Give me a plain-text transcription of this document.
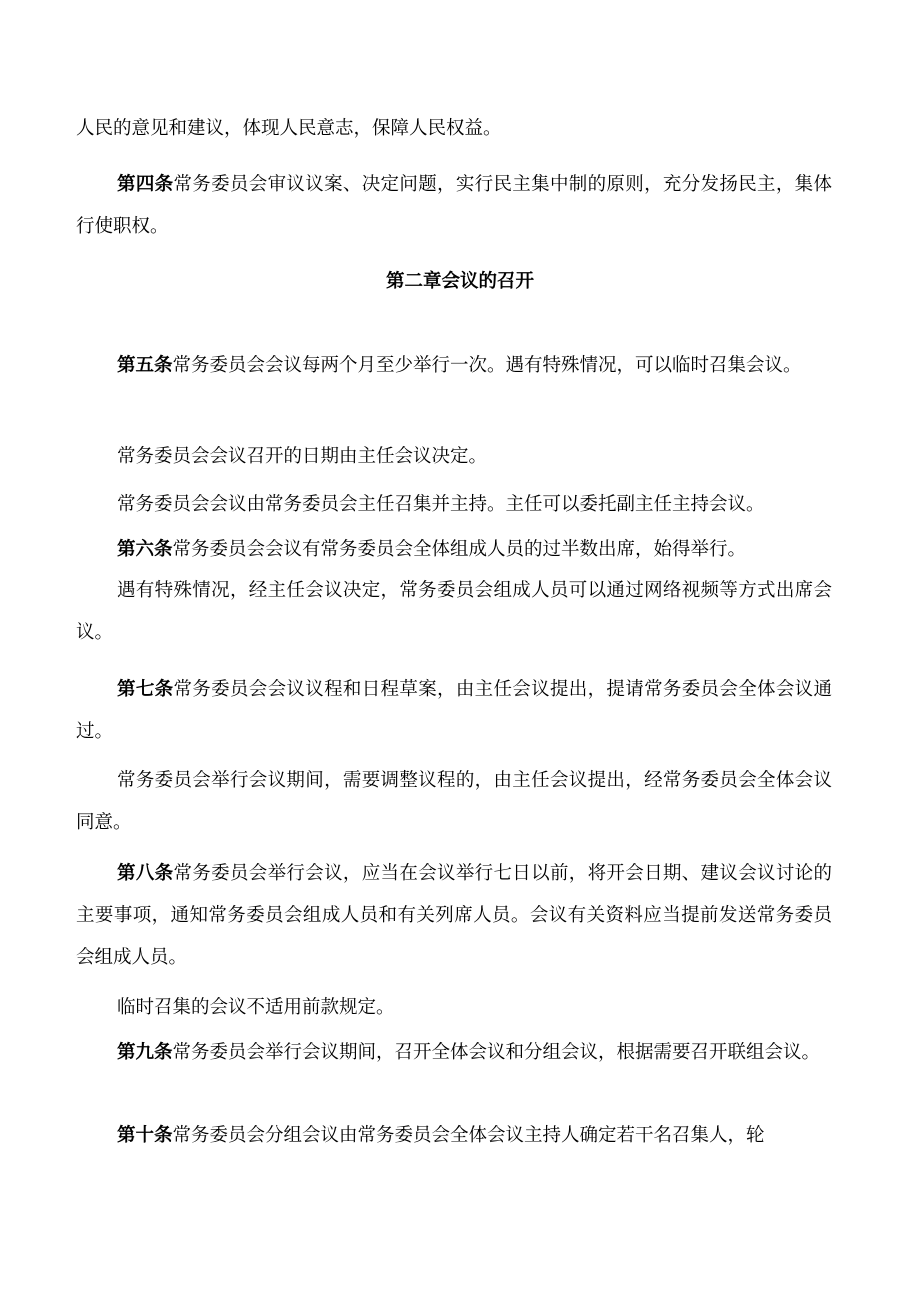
人民的意见和建议，体现人民意志，保障人民权益。

第四条常务委员会审议议案、决定问题，实行民主集中制的原则，充分发扬民主，集体行使职权。

第二章会议的召开

第五条常务委员会会议每两个月至少举行一次。遇有特殊情况，可以临时召集会议。

常务委员会会议召开的日期由主任会议决定。

常务委员会会议由常务委员会主任召集并主持。主任可以委托副主任主持会议。

第六条常务委员会会议有常务委员会全体组成人员的过半数出席，始得举行。

遇有特殊情况，经主任会议决定，常务委员会组成人员可以通过网络视频等方式出席会议。

第七条常务委员会会议议程和日程草案，由主任会议提出，提请常务委员会全体会议通过。

常务委员会举行会议期间，需要调整议程的，由主任会议提出，经常务委员会全体会议同意。

第八条常务委员会举行会议，应当在会议举行七日以前，将开会日期、建议会议讨论的主要事项，通知常务委员会组成人员和有关列席人员。会议有关资料应当提前发送常务委员会组成人员。

临时召集的会议不适用前款规定。

第九条常务委员会举行会议期间，召开全体会议和分组会议，根据需要召开联组会议。

第十条常务委员会分组会议由常务委员会全体会议主持人确定若干名召集人，轮
